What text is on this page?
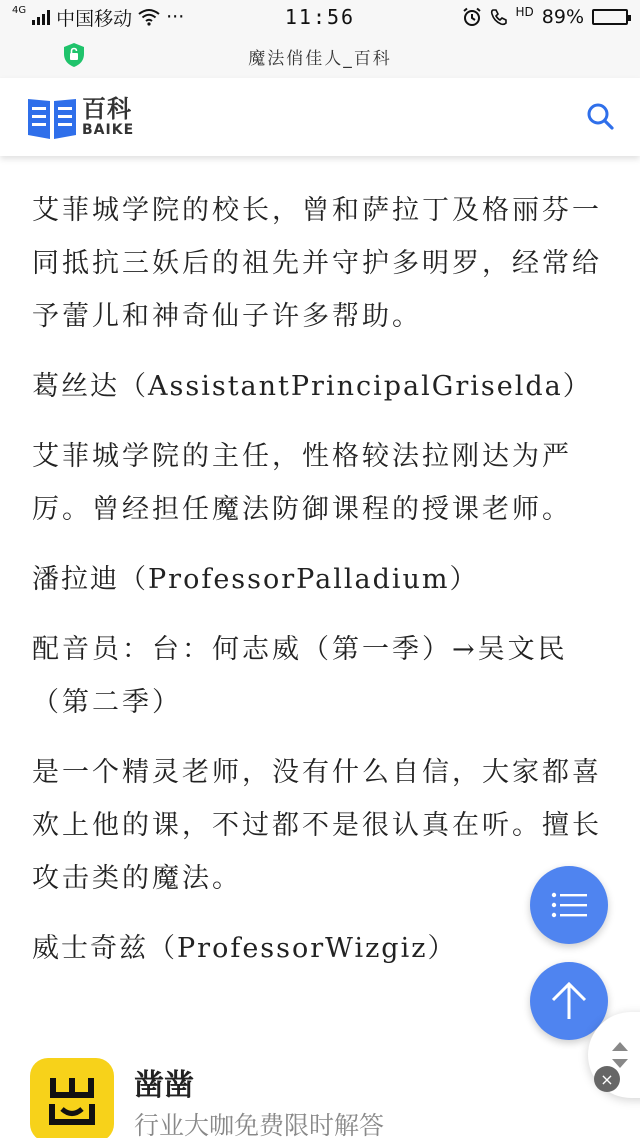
4G 中国移动 ···	11:56	HD 89%
魔法俏佳人_百科
百科
BAIKE

艾菲城学院的校长，曾和萨拉丁及格丽芬一同抵抗三妖后的祖先并守护多明罗，经常给予蕾儿和神奇仙子许多帮助。

葛丝达（AssistantPrincipalGriselda）

艾菲城学院的主任，性格较法拉刚达为严厉。曾经担任魔法防御课程的授课老师。

潘拉迪（ProfessorPalladium）

配音员：台：何志威（第一季）→吴文民（第二季）

是一个精灵老师，没有什么自信，大家都喜欢上他的课，不过都不是很认真在听。擅长攻击类的魔法。

威士奇兹（ProfessorWizgiz）

凿凿
行业大咖免费限时解答
×
